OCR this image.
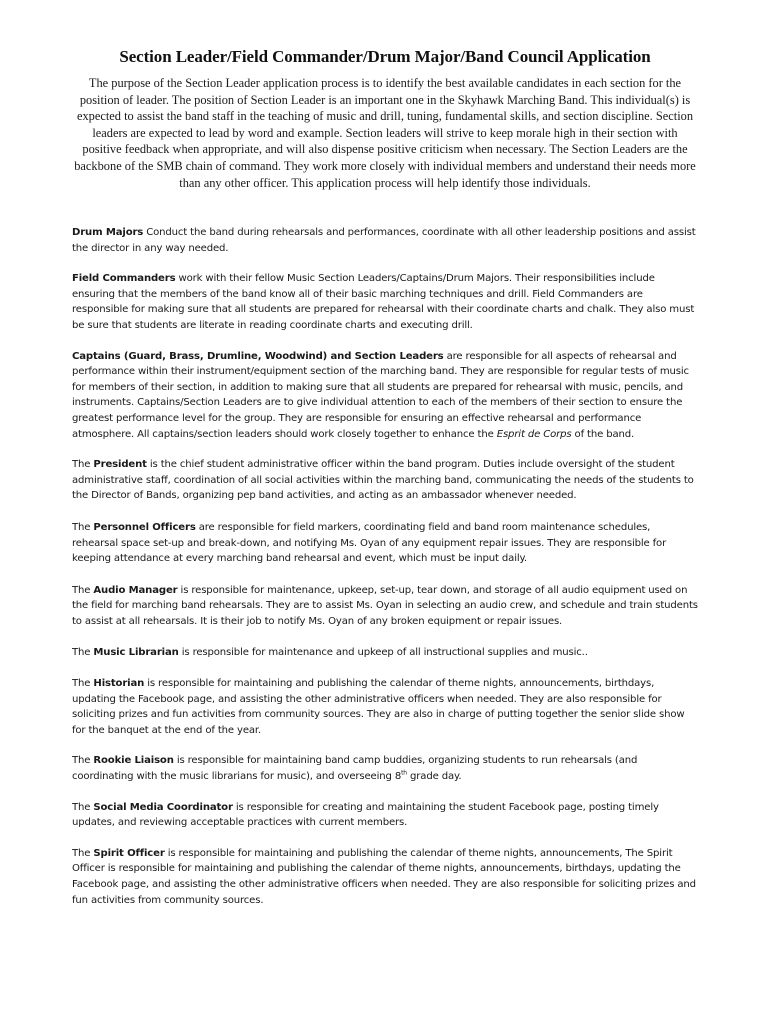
Section Leader/Field Commander/Drum Major/Band Council Application
The purpose of the Section Leader application process is to identify the best available candidates in each section for the position of leader. The position of Section Leader is an important one in the Skyhawk Marching Band. This individual(s) is expected to assist the band staff in the teaching of music and drill, tuning, fundamental skills, and section discipline. Section leaders are expected to lead by word and example. Section leaders will strive to keep morale high in their section with positive feedback when appropriate, and will also dispense positive criticism when necessary. The Section Leaders are the backbone of the SMB chain of command. They work more closely with individual members and understand their needs more than any other officer. This application process will help identify those individuals.

Drum Majors Conduct the band during rehearsals and performances, coordinate with all other leadership positions and assist the director in any way needed.

Field Commanders work with their fellow Music Section Leaders/Captains/Drum Majors. Their responsibilities include ensuring that the members of the band know all of their basic marching techniques and drill. Field Commanders are responsible for making sure that all students are prepared for rehearsal with their coordinate charts and chalk. They also must be sure that students are literate in reading coordinate charts and executing drill.

Captains (Guard, Brass, Drumline, Woodwind) and Section Leaders are responsible for all aspects of rehearsal and performance within their instrument/equipment section of the marching band. They are responsible for regular tests of music for members of their section, in addition to making sure that all students are prepared for rehearsal with music, pencils, and instruments. Captains/Section Leaders are to give individual attention to each of the members of their section to ensure the greatest performance level for the group. They are responsible for ensuring an effective rehearsal and performance atmosphere. All captains/section leaders should work closely together to enhance the Esprit de Corps of the band.

The President is the chief student administrative officer within the band program. Duties include oversight of the student administrative staff, coordination of all social activities within the marching band, communicating the needs of the students to the Director of Bands, organizing pep band activities, and acting as an ambassador whenever needed.

The Personnel Officers are responsible for field markers, coordinating field and band room maintenance schedules, rehearsal space set-up and break-down, and notifying Ms. Oyan of any equipment repair issues. They are responsible for keeping attendance at every marching band rehearsal and event, which must be input daily.

The Audio Manager is responsible for maintenance, upkeep, set-up, tear down, and storage of all audio equipment used on the field for marching band rehearsals. They are to assist Ms. Oyan in selecting an audio crew, and schedule and train students to assist at all rehearsals. It is their job to notify Ms. Oyan of any broken equipment or repair issues.

The Music Librarian is responsible for maintenance and upkeep of all instructional supplies and music..

The Historian is responsible for maintaining and publishing the calendar of theme nights, announcements, birthdays, updating the Facebook page, and assisting the other administrative officers when needed. They are also responsible for soliciting prizes and fun activities from community sources. They are also in charge of putting together the senior slide show for the banquet at the end of the year.

The Rookie Liaison is responsible for maintaining band camp buddies, organizing students to run rehearsals (and coordinating with the music librarians for music), and overseeing 8th grade day.

The Social Media Coordinator is responsible for creating and maintaining the student Facebook page, posting timely updates, and reviewing acceptable practices with current members.

The Spirit Officer is responsible for maintaining and publishing the calendar of theme nights, announcements, The Spirit Officer is responsible for maintaining and publishing the calendar of theme nights, announcements, birthdays, updating the Facebook page, and assisting the other administrative officers when needed. They are also responsible for soliciting prizes and fun activities from community sources.
